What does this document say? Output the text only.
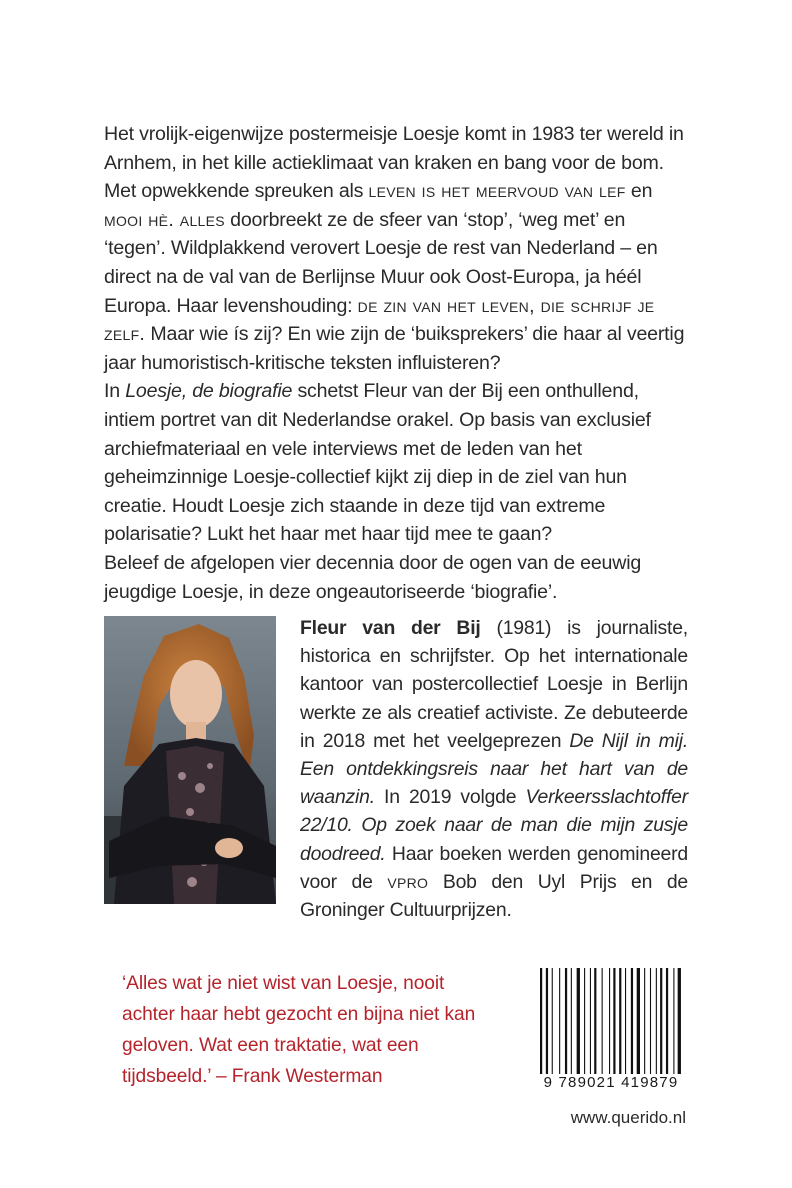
Het vrolijk-eigenwijze postermeisje Loesje komt in 1983 ter wereld in Arnhem, in het kille actieklimaat van kraken en bang voor de bom. Met opwekkende spreuken als leven is het meervoud van lef en mooi hè. alles doorbreekt ze de sfeer van ‘stop’, ‘weg met’ en ‘tegen’. Wildplakkend verovert Loesje de rest van Nederland – en direct na de val van de Berlijnse Muur ook Oost-Europa, ja héél Europa. Haar levenshouding: de zin van het leven, die schrijf je zelf. Maar wie ís zij? En wie zijn de ‘buiksprekers’ die haar al veertig jaar humoristisch-kritische teksten influisteren?

In Loesje, de biografie schetst Fleur van der Bij een onthullend, intiem portret van dit Nederlandse orakel. Op basis van exclusief archiefmateriaal en vele interviews met de leden van het geheimzinnige Loesje-collectief kijkt zij diep in de ziel van hun creatie. Houdt Loesje zich staande in deze tijd van extreme polarisatie? Lukt het haar met haar tijd mee te gaan?

Beleef de afgelopen vier decennia door de ogen van de eeuwig jeugdige Loesje, in deze ongeautoriseerde ‘biografie’.

Fleur van der Bij (1981) is journaliste, historica en schrijfster. Op het internationale kantoor van postercollectief Loesje in Berlijn werkte ze als creatief activiste. Ze debuteerde in 2018 met het veelgeprezen De Nijl in mij. Een ontdekkingsreis naar het hart van de waanzin. In 2019 volgde Verkeersslachtoffer 22/10. Op zoek naar de man die mijn zusje doodreed. Haar boeken werden genomineerd voor de vpro Bob den Uyl Prijs en de Groninger Cultuurprijzen.

‘Alles wat je niet wist van Loesje, nooit achter haar hebt gezocht en bijna niet kan geloven. Wat een traktatie, wat een tijdsbeeld.’ – Frank Westerman	9 789021 419879
www.querido.nl
